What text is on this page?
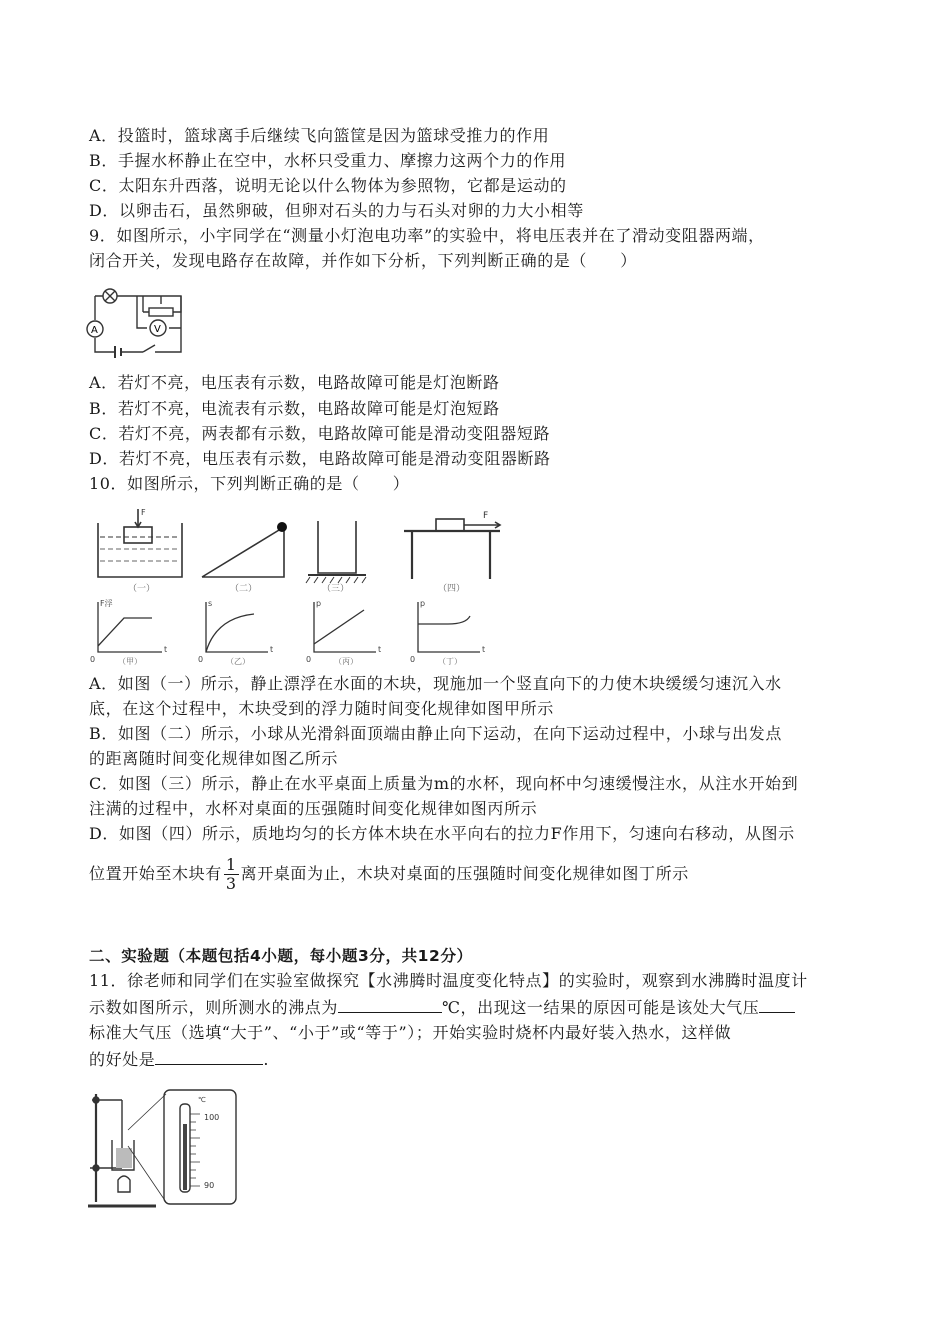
A．投篮时，篮球离手后继续飞向篮筐是因为篮球受推力的作用
B．手握水杯静止在空中，水杯只受重力、摩擦力这两个力的作用
C．太阳东升西落，说明无论以什么物体为参照物，它都是运动的
D．以卵击石，虽然卵破，但卵对石头的力与石头对卵的力大小相等
9．如图所示，小宇同学在“测量小灯泡电功率”的实验中，将电压表并在了滑动变阻器两端，
闭合开关，发现电路存在故障，并作如下分析，下列判断正确的是（　　）
A	V
A．若灯不亮，电压表有示数，电路故障可能是灯泡断路
B．若灯不亮，电流表有示数，电路故障可能是灯泡短路
C．若灯不亮，两表都有示数，电路故障可能是滑动变阻器短路
D．若灯不亮，电压表有示数，电路故障可能是滑动变阻器断路
10．如图所示，下列判断正确的是（　　）
F	F
（一）	（二）	（三）	（四）
F浮
t
0	（甲）
s
t
0	（乙）
p
t
0	（丙）
p
t
0	（丁）
A．如图（一）所示，静止漂浮在水面的木块，现施加一个竖直向下的力使木块缓缓匀速沉入水
底，在这个过程中，木块受到的浮力随时间变化规律如图甲所示
B．如图（二）所示，小球从光滑斜面顶端由静止向下运动，在向下运动过程中，小球与出发点
的距离随时间变化规律如图乙所示
C．如图（三）所示，静止在水平桌面上质量为m的水杯，现向杯中匀速缓慢注水，从注水开始到
注满的过程中，水杯对桌面的压强随时间变化规律如图丙所示
D．如图（四）所示，质地均匀的长方体木块在水平向右的拉力F作用下，匀速向右移动，从图示
位置开始至木块有 $\frac{1}{3}$ 离开桌面为止，木块对桌面的压强随时间变化规律如图丁所示
二、实验题（本题包括4小题，每小题3分，共12分）
11．徐老师和同学们在实验室做探究【水沸腾时温度变化特点】的实验时，观察到水沸腾时温度计
示数如图所示，则所测水的沸点为	℃，出现这一结果的原因可能是该处大气压
标准大气压（选填“大于”、“小于”或“等于”）；开始实验时烧杯内最好装入热水，这样做
的好处是	.
℃
100
90
